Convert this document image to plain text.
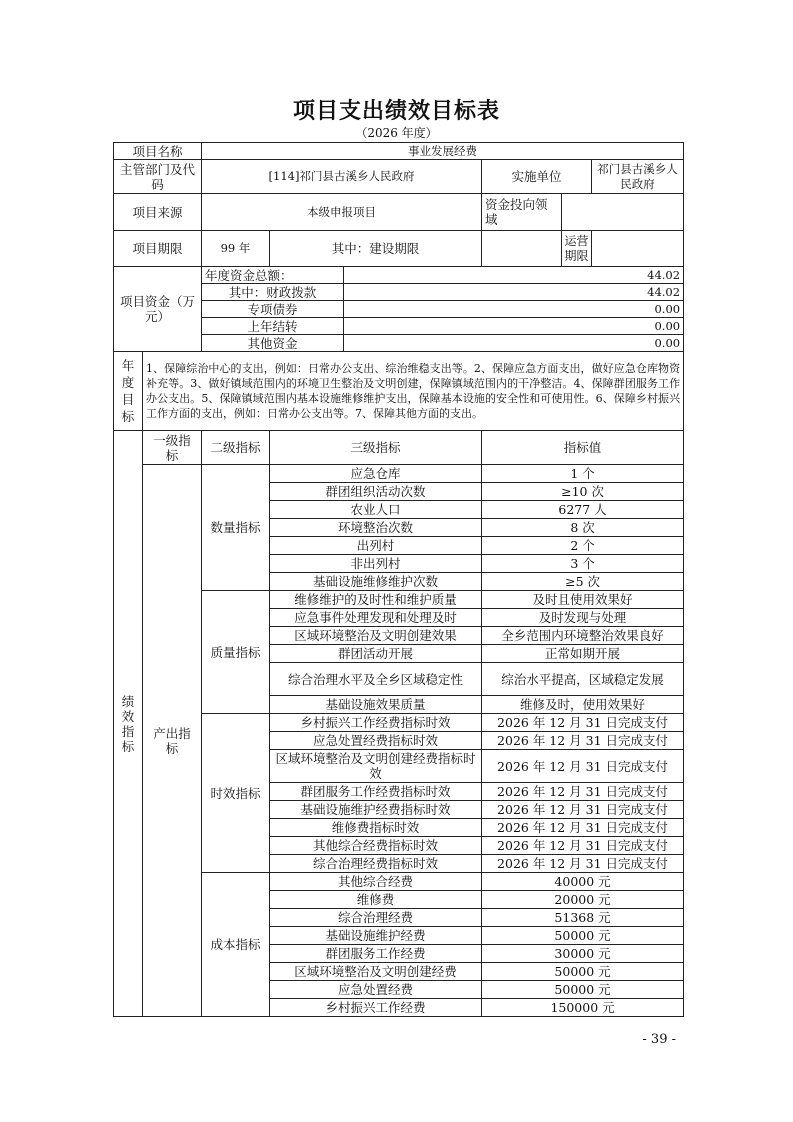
项目支出绩效目标表
（2026 年度）
项目名称		事业发展经费					
主管部门及代码		[114]祁门县古溪乡人民政府			实施单位		祁门县古溪乡人民政府
项目来源		本级申报项目			资金投向领域		
项目期限		99 年	其中：建设期限			运营期限	
项目资金（万元）		年度资金总额：		44.02			
		其中：财政拨款		44.02			
		专项债券		0.00			
		上年结转		0.00			
		其他资金		0.00			
年度目标	1、保障综治中心的支出，例如：日常办公支出、综治维稳支出等。2、保障应急方面支出，做好应急仓库物资补充等。3、做好镇域范围内的环境卫生整治及文明创建，保障镇域范围内的干净整洁。4、保障群团服务工作办公支出。5、保障镇域范围内基本设施维修维护支出，保障基本设施的安全性和可使用性。6、保障乡村振兴工作方面的支出，例如：日常办公支出等。7、保障其他方面的支出。						
绩效指标	一级指标	二级指标	三级指标		指标值		
	产出指标	数量指标	应急仓库		1 个		
			群团组织活动次数		≥10 次		
			农业人口		6277 人		
			环境整治次数		8 次		
			出列村		2 个		
			非出列村		3 个		
			基础设施维修维护次数		≥5 次		
		质量指标	维修维护的及时性和维护质量		及时且使用效果好		
			应急事件处理发现和处理及时		及时发现与处理		
			区域环境整治及文明创建效果		全乡范围内环境整治效果良好		
			群团活动开展		正常如期开展		
			综合治理水平及全乡区域稳定性		综治水平提高，区域稳定发展		
			基础设施效果质量		维修及时，使用效果好		
		时效指标	乡村振兴工作经费指标时效		2026 年 12 月 31 日完成支付		
			应急处置经费指标时效		2026 年 12 月 31 日完成支付		
			区域环境整治及文明创建经费指标时效		2026 年 12 月 31 日完成支付		
			群团服务工作经费指标时效		2026 年 12 月 31 日完成支付		
			基础设施维护经费指标时效		2026 年 12 月 31 日完成支付		
			维修费指标时效		2026 年 12 月 31 日完成支付		
			其他综合经费指标时效		2026 年 12 月 31 日完成支付		
			综合治理经费指标时效		2026 年 12 月 31 日完成支付		
		成本指标	其他综合经费		40000 元		
			维修费		20000 元		
			综合治理经费		51368 元		
			基础设施维护经费		50000 元		
			群团服务工作经费		30000 元		
			区域环境整治及文明创建经费		50000 元		
			应急处置经费		50000 元		
			乡村振兴工作经费		150000 元		
- 39 -
